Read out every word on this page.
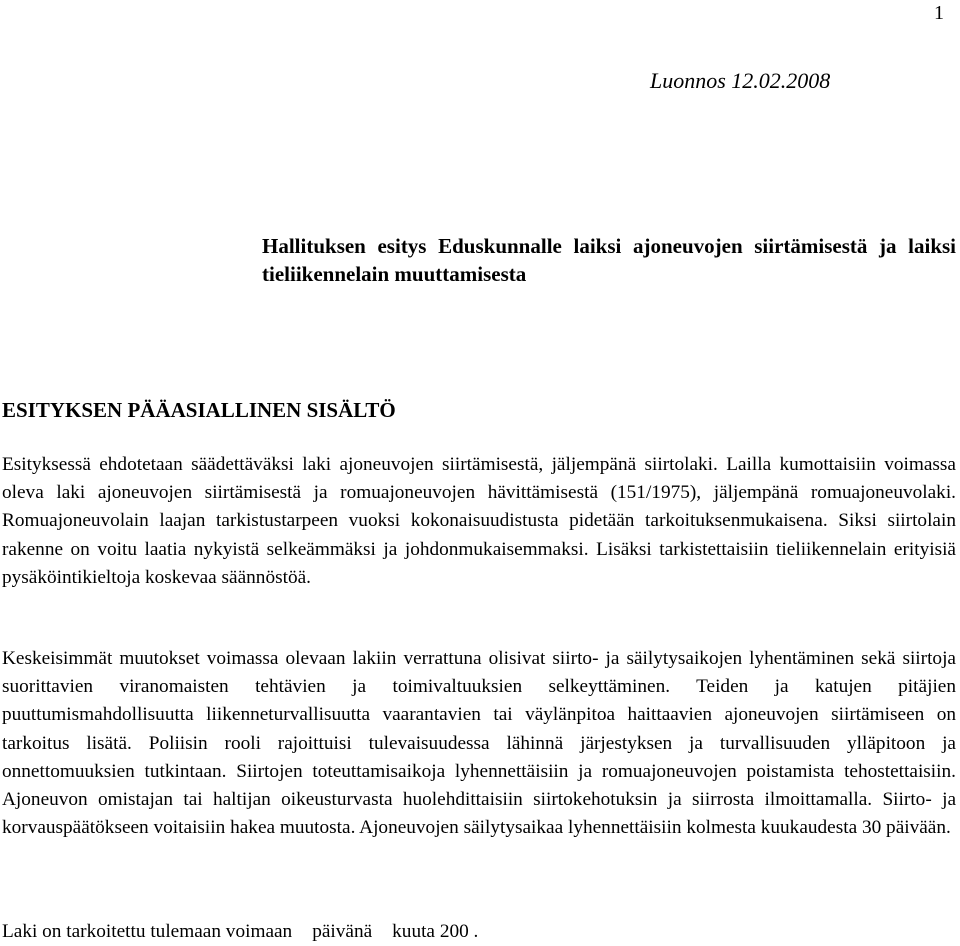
1
Luonnos 12.02.2008
Hallituksen esitys Eduskunnalle laiksi ajoneuvojen siirtämisestä ja laiksi tieliikennelain muuttamisesta
ESITYKSEN PÄÄASIALLINEN SISÄLTÖ
Esityksessä ehdotetaan säädettäväksi laki ajoneuvojen siirtämisestä, jäljempänä siirtolaki. Lailla kumottaisiin voimassa oleva laki ajoneuvojen siirtämisestä ja romuajoneuvojen hävittämisestä (151/1975), jäljempänä romuajoneuvolaki. Romuajoneuvolain laajan tarkistustarpeen vuoksi kokonaisuudistusta pidetään tarkoituksenmukaisena. Siksi siirtolain rakenne on voitu laatia nykyistä selkeämmäksi ja johdonmukaisemmaksi. Lisäksi tarkistettaisiin tieliikennelain erityisiä pysäköintikieltoja koskevaa säännöstöä.
Keskeisimmät muutokset voimassa olevaan lakiin verrattuna olisivat siirto- ja säilytysaikojen lyhentäminen sekä siirtoja suorittavien viranomaisten tehtävien ja toimivaltuuksien selkeyttäminen. Teiden ja katujen pitäjien puuttumismahdollisuutta liikenneturvallisuutta vaarantavien tai väylänpitoa haittaavien ajoneuvojen siirtämiseen on tarkoitus lisätä. Poliisin rooli rajoittuisi tulevaisuudessa lähinnä järjestyksen ja turvallisuuden ylläpitoon ja onnettomuuksien tutkintaan. Siirtojen toteuttamisaikoja lyhennettäisiin ja romuajoneuvojen poistamista tehostettaisiin. Ajoneuvon omistajan tai haltijan oikeusturvasta huolehdittaisiin siirtokehotuksin ja siirrosta ilmoittamalla. Siirto- ja korvauspäätökseen voitaisiin hakea muutosta. Ajoneuvojen säilytysaikaa lyhennettäisiin kolmesta kuukaudesta 30 päivään.
Laki on tarkoitettu tulemaan voimaan päivänä kuuta 200 .
